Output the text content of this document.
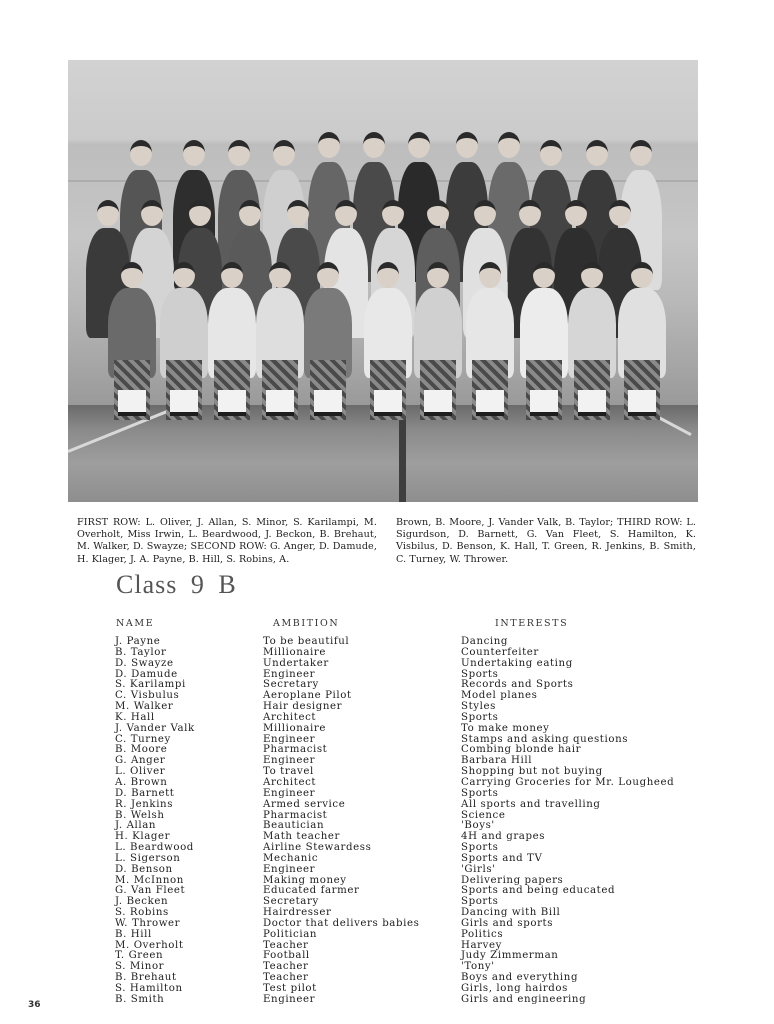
FIRST ROW: L. Oliver, J. Allan, S. Minor, S. Karilampi, M. Overholt, Miss Irwin, L. Beardwood, J. Beckon, B. Brehaut, M. Walker, D. Swayze; SECOND ROW: G. Anger, D. Damude, H. Klager, J. A. Payne, B. Hill, S. Robins, A.
Brown, B. Moore, J. Vander Valk, B. Taylor; THIRD ROW: L. Sigurdson, D. Barnett, G. Van Fleet, S. Hamilton, K. Visbilus, D. Benson, K. Hall, T. Green, R. Jenkins, B. Smith, C. Turney, W. Thrower.
Class 9 B
NAME	AMBITION	INTERESTS
J. Payne
B. Taylor
D. Swayze
D. Damude
S. Karilampi
C. Visbulus
M. Walker
K. Hall
J. Vander Valk
C. Turney
B. Moore
G. Anger
L. Oliver
A. Brown
D. Barnett
R. Jenkins
B. Welsh
J. Allan
H. Klager
L. Beardwood
L. Sigerson
D. Benson
M. McInnon
G. Van Fleet
J. Becken
S. Robins
W. Thrower
B. Hill
M. Overholt
T. Green
S. Minor
B. Brehaut
S. Hamilton
B. Smith
To be beautiful
Millionaire
Undertaker
Engineer
Secretary
Aeroplane Pilot
Hair designer
Architect
Millionaire
Engineer
Pharmacist
Engineer
To travel
Architect
Engineer
Armed service
Pharmacist
Beautician
Math teacher
Airline Stewardess
Mechanic
Engineer
Making money
Educated farmer
Secretary
Hairdresser
Doctor that delivers babies
Politician
Teacher
Football
Teacher
Teacher
Test pilot
Engineer
Dancing
Counterfeiter
Undertaking eating
Sports
Records and Sports
Model planes
Styles
Sports
To make money
Stamps and asking questions
Combing blonde hair
Barbara Hill
Shopping but not buying
Carrying Groceries for Mr. Lougheed
Sports
All sports and travelling
Science
'Boys'
4H and grapes
Sports
Sports and TV
'Girls'
Delivering papers
Sports and being educated
Sports
Dancing with Bill
Girls and sports
Politics
Harvey
Judy Zimmerman
'Tony'
Boys and everything
Girls, long hairdos
Girls and engineering
36
